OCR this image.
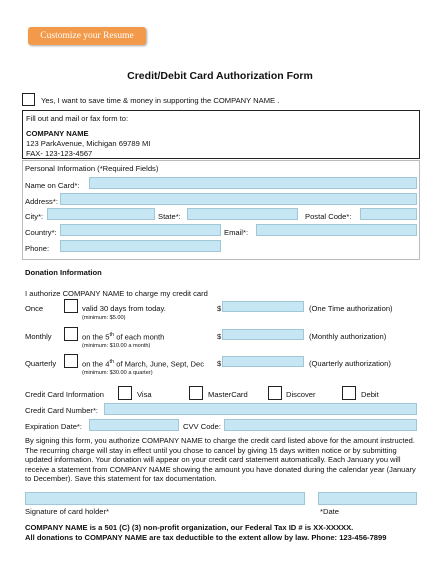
Customize your Resume
Credit/Debit Card Authorization Form
Yes, I want to save time & money in supporting the COMPANY NAME .
Fill out and mail or fax form to:
COMPANY NAME
123 ParkAvenue, Michigan 69789 MI
FAX- 123-123-4567
Personal Information (*Required Fields)
Name on Card*:
Address*:
City*:	State*:	Postal Code*:
Country*:	Email*:
Phone:
Donation Information
I authorize COMPANY NAME to charge my credit card
Once	valid 30 days from today.
(minimum: $5.00)
$	(One Time authorization)
Monthly	on the 5th of each month
(minimum: $10.00 a month)
$	(Monthly authorization)
Quarterly	on the 4th of March, June, Sept, Dec
(minimum: $30.00 a quarter)
$	(Quarterly authorization)
Credit Card Information	Visa	MasterCard	Discover	Debit
Credit Card Number*:
Expiration Date*:	CVV Code:
By signing this form, you authorize COMPANY NAME to charge the credit card listed above for the amount instructed. The recurring charge will stay in effect until you chose to cancel by giving 15 days written notice or by submitting updated information. Your donation will appear on your credit card statement automatically. Each January you will receive a statement from COMPANY NAME showing the amount you have donated during the calendar year (January to December). Save this statement for tax documentation.
Signature of card holder*	*Date
COMPANY NAME is a 501 (C) (3) non-profit organization, our Federal Tax ID # is XX-XXXXX.
All donations to COMPANY NAME are tax deductible to the extent allow by law. Phone: 123-456-7899
